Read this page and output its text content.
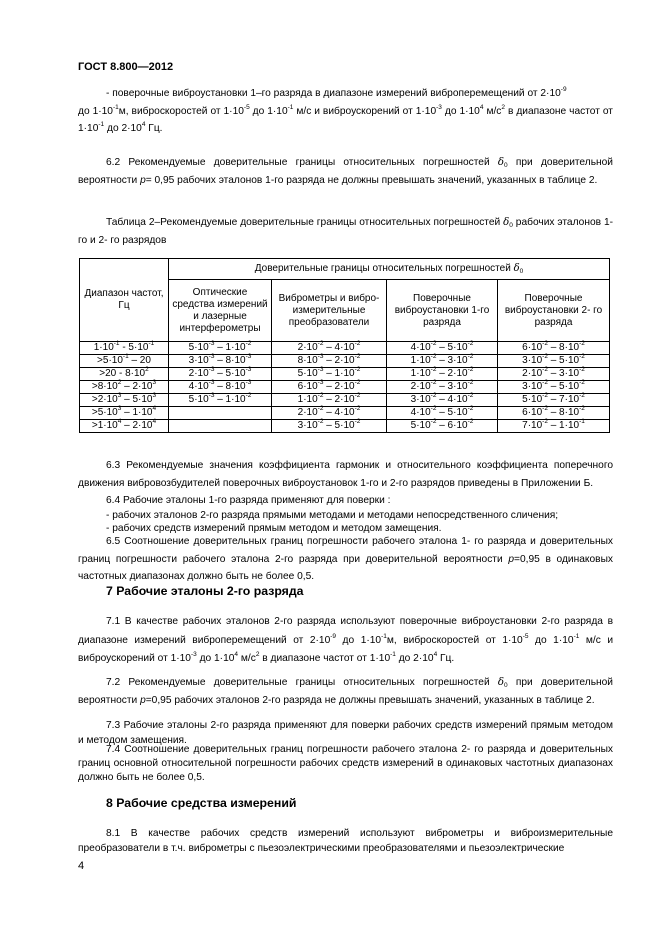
ГОСТ 8.800—2012

- поверочные виброустановки 1–го разряда в диапазоне измерений виброперемещений от $2\cdot 10^{-9}$
до $1\cdot 10^{-1}м$, виброскоростей от $1\cdot 10^{-5}$ до $1\cdot 10^{-1}$ м/с и виброускорений от $1\cdot 10^{-3}$ до $1\cdot 10^4$ $м/с^2$ в диапазоне частот от $1\cdot 10^{-1}$ до $2\cdot 10^4$ Гц.

6.2 Рекомендуемые доверительные границы относительных погрешностей $\delta_0$ при доверительной вероятности p= 0,95 рабочих эталонов 1-го разряда не должны превышать значений, указанных в таблице 2.

Таблица 2–Рекомендуемые доверительные границы относительных погрешностей $\delta_0$ рабочих эталонов 1-го и 2- го разрядов

Диапазон частот, Гц	Доверительные границы относительных погрешностей $\delta_0$
	Оптические средства измерений и лазерные интерферометры	Виброметры и вибро-измерительные преобразователи	Поверочные виброустановки 1-го разряда	Поверочные виброустановки 2- го разряда
$1\cdot 10^{-1} - 5\cdot 10^{-1}$	$5\cdot 10^{-3} - 1\cdot 10^{-2}$	$2\cdot 10^{-2} - 4\cdot 10^{-2}$	$4\cdot 10^{-2} - 5\cdot 10^{-2}$	$6\cdot 10^{-2} - 8\cdot 10^{-2}$
$>5\cdot 10^{-1} - 20$	$3\cdot 10^{-3} - 8\cdot 10^{-3}$	$8\cdot 10^{-3} - 2\cdot 10^{-2}$	$1\cdot 10^{-2} - 3\cdot 10^{-2}$	$3\cdot 10^{-2} - 5\cdot 10^{-2}$
$>20 - 8\cdot 10^2$	$2\cdot 10^{-3} - 5\cdot 10^{-3}$	$5\cdot 10^{-3} - 1\cdot 10^{-2}$	$1\cdot 10^{-2} - 2\cdot 10^{-2}$	$2\cdot 10^{-2} - 3\cdot 10^{-2}$
$>8\cdot 10^2 - 2\cdot 10^3$	$4\cdot 10^{-3} - 8\cdot 10^{-3}$	$6\cdot 10^{-3} - 2\cdot 10^{-2}$	$2\cdot 10^{-2} - 3\cdot 10^{-2}$	$3\cdot 10^{-2} - 5\cdot 10^{-2}$
$>2\cdot 10^3 - 5\cdot 10^3$	$5\cdot 10^{-3} - 1\cdot 10^{-2}$	$1\cdot 10^{-2} - 2\cdot 10^{-2}$	$3\cdot 10^{-2} - 4\cdot 10^{-2}$	$5\cdot 10^{-2} - 7\cdot 10^{-2}$
$>5\cdot 10^3 - 1\cdot 10^4$		$2\cdot 10^{-2} - 4\cdot 10^{-2}$	$4\cdot 10^{-2} - 5\cdot 10^{-2}$	$6\cdot 10^{-2} - 8\cdot 10^{-2}$
$>1\cdot 10^4 - 2\cdot 10^4$		$3\cdot 10^{-2} - 5\cdot 10^{-2}$	$5\cdot 10^{-2} - 6\cdot 10^{-2}$	$7\cdot 10^{-2} - 1\cdot 10^{-1}$

6.3 Рекомендуемые значения коэффициента гармоник и относительного коэффициента поперечного движения вибровозбудителей поверочных виброустановок 1-го и 2-го разрядов приведены в Приложении Б.

6.4 Рабочие эталоны 1-го разряда применяют для поверки :

- рабочих эталонов 2-го разряда прямыми методами и методами непосредственного сличения;

- рабочих средств измерений прямым методом и методом замещения.

6.5 Соотношение доверительных границ погрешности рабочего эталона 1- го разряда и доверительных границ погрешности рабочего эталона 2-го разряда при доверительной вероятности p=0,95 в одинаковых частотных диапазонах должно быть не более 0,5.

7 Рабочие эталоны 2-го разряда

7.1 В качестве рабочих эталонов 2-го разряда используют поверочные виброустановки 2-го разряда в диапазоне измерений виброперемещений от $2\cdot 10^{-9}$ до $1\cdot 10^{-1}м$, виброскоростей от $1\cdot 10^{-5}$ до $1\cdot 10^{-1}$ м/с и виброускорений от $1\cdot 10^{-3}$ до $1\cdot 10^4$ $м/с^2$ в диапазоне частот от $1\cdot 10^{-1}$ до $2\cdot 10^4$ Гц.

7.2 Рекомендуемые доверительные границы относительных погрешностей $\delta_0$ при доверительной вероятности p=0,95 рабочих эталонов 2-го разряда не должны превышать значений, указанных в таблице 2.

7.3 Рабочие эталоны 2-го разряда применяют для поверки рабочих средств измерений прямым методом и методом замещения.

7.4 Соотношение доверительных границ погрешности рабочего эталона 2- го разряда и доверительных границ основной относительной погрешности рабочих средств измерений в одинаковых частотных диапазонах должно быть не более 0,5.

8 Рабочие средства измерений

8.1 В качестве рабочих средств измерений используют виброметры и виброизмерительные преобразователи в т.ч. виброметры с пьезоэлектрическими преобразователями и пьезоэлектрические

4
